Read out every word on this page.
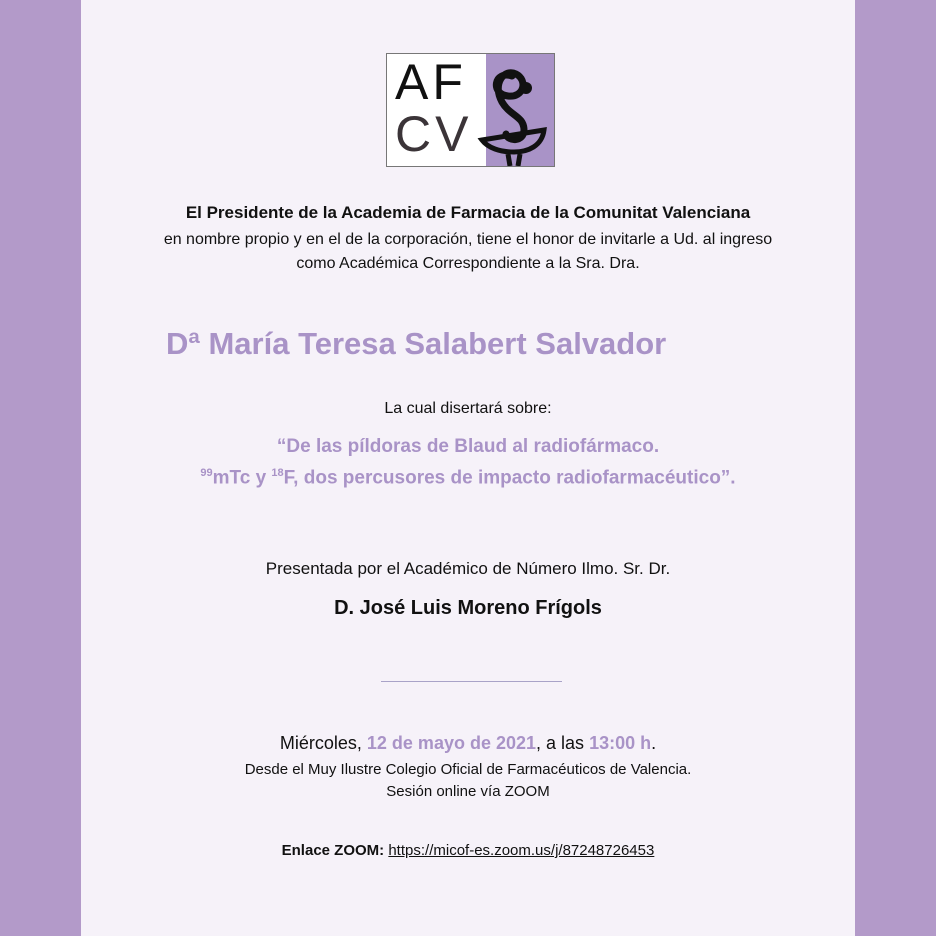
AF
CV
El Presidente de la Academia de Farmacia de la Comunitat Valenciana
en nombre propio y en el de la corporación, tiene el honor de invitarle a Ud. al ingreso
como Académica Correspondiente a la Sra. Dra.
Dª María Teresa Salabert Salvador
La cual disertará sobre:
“De las píldoras de Blaud al radiofármaco.
$^{99}$mTc y $^{18}$F, dos percusores de impacto radiofarmacéutico”.
Presentada por el Académico de Número Ilmo. Sr. Dr.
D. José Luis Moreno Frígols
Miércoles, 12 de mayo de 2021, a las 13:00 h.
Desde el Muy Ilustre Colegio Oficial de Farmacéuticos de Valencia.
Sesión online vía ZOOM
Enlace ZOOM: https://micof-es.zoom.us/j/87248726453
